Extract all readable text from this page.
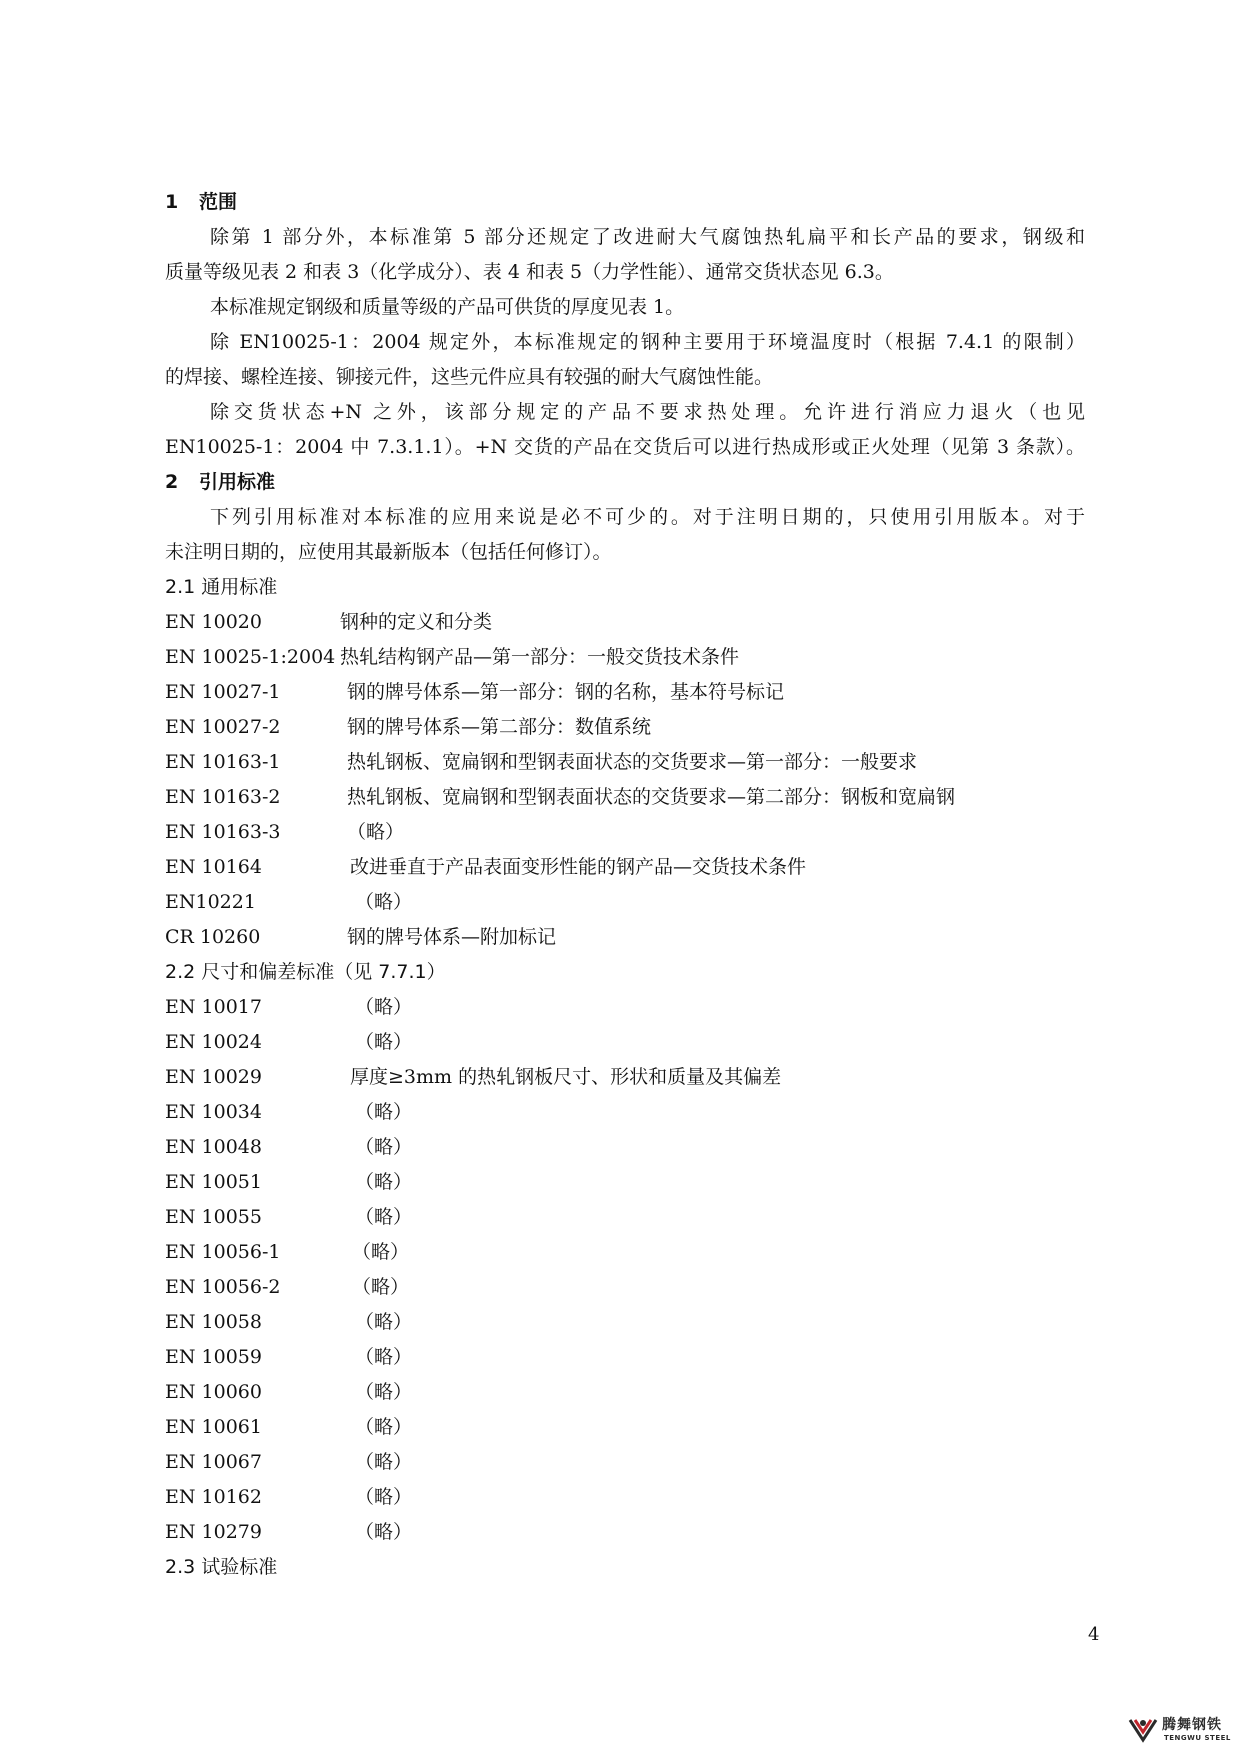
1 范围
除第 1 部分外，本标准第 5 部分还规定了改进耐大气腐蚀热轧扁平和长产品的要求，钢级和
质量等级见表 2 和表 3（化学成分）、表 4 和表 5（力学性能）、通常交货状态见 6.3。
本标准规定钢级和质量等级的产品可供货的厚度见表 1。
除 EN10025-1：2004 规定外，本标准规定的钢种主要用于环境温度时（根据 7.4.1 的限制）
的焊接、螺栓连接、铆接元件，这些元件应具有较强的耐大气腐蚀性能。
除交货状态+N 之外，该部分规定的产品不要求热处理。允许进行消应力退火（也见
EN10025-1：2004 中 7.3.1.1）。+N 交货的产品在交货后可以进行热成形或正火处理（见第 3 条款）。
2 引用标准
下列引用标准对本标准的应用来说是必不可少的。对于注明日期的，只使用引用版本。对于
未注明日期的，应使用其最新版本（包括任何修订）。
2.1 通用标准
EN 10020	钢种的定义和分类
EN 10025-1:2004 热轧结构钢产品—第一部分：一般交货技术条件
EN 10027-1	钢的牌号体系—第一部分：钢的名称，基本符号标记
EN 10027-2	钢的牌号体系—第二部分：数值系统
EN 10163-1	热轧钢板、宽扁钢和型钢表面状态的交货要求—第一部分：一般要求
EN 10163-2	热轧钢板、宽扁钢和型钢表面状态的交货要求—第二部分：钢板和宽扁钢
EN 10163-3	（略）
EN 10164	改进垂直于产品表面变形性能的钢产品—交货技术条件
EN10221	（略）
CR 10260	钢的牌号体系—附加标记
2.2 尺寸和偏差标准（见 7.7.1）
EN 10017	（略）
EN 10024	（略）
EN 10029	厚度≥3mm 的热轧钢板尺寸、形状和质量及其偏差
EN 10034	（略）
EN 10048	（略）
EN 10051	（略）
EN 10055	（略）
EN 10056-1	（略）
EN 10056-2	（略）
EN 10058	（略）
EN 10059	（略）
EN 10060	（略）
EN 10061	（略）
EN 10067	（略）
EN 10162	（略）
EN 10279	（略）
2.3 试验标准
4
腾舞钢铁
TENGWU STEEL
